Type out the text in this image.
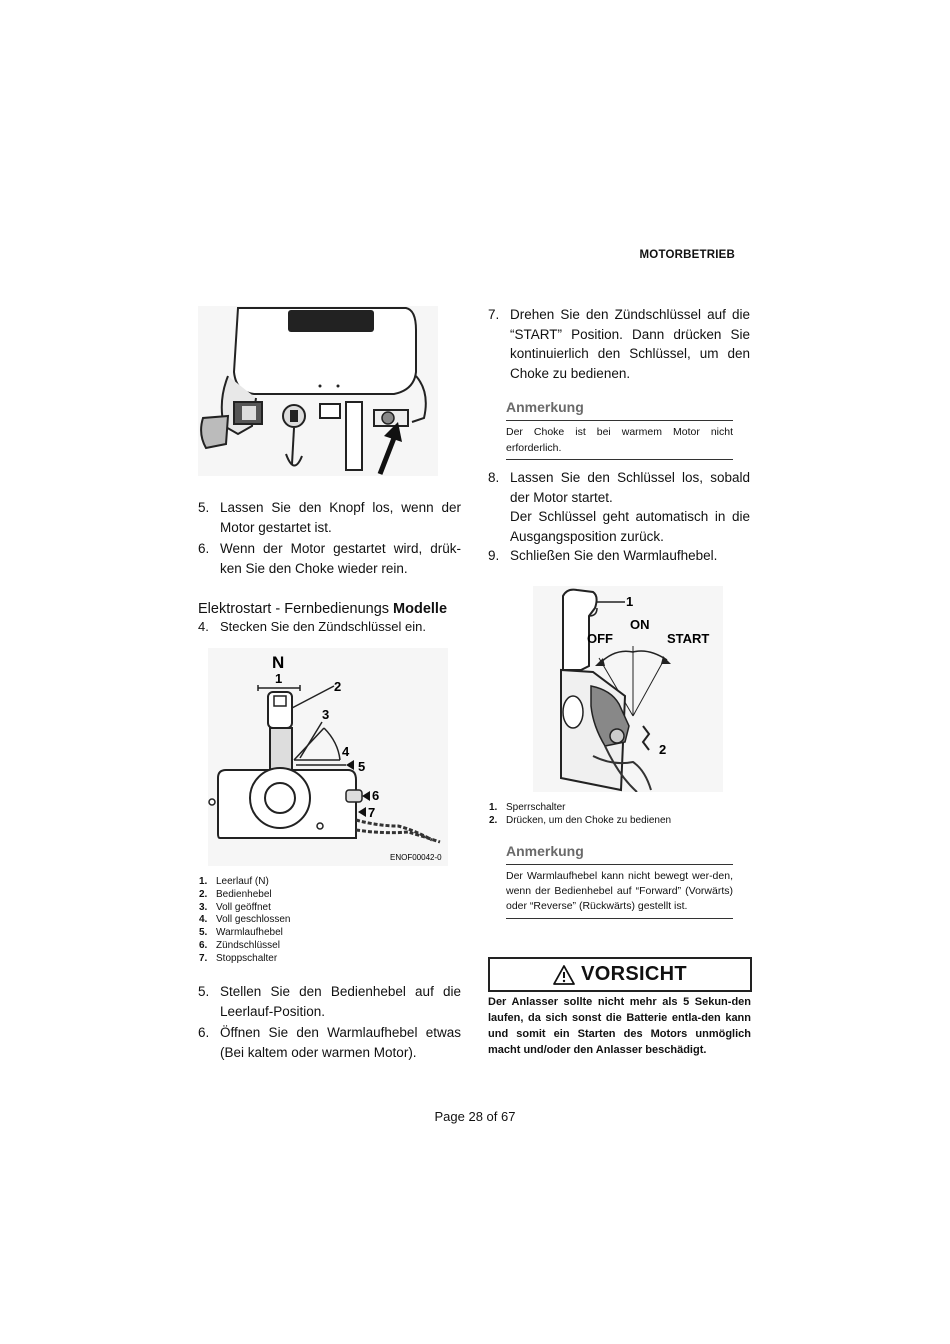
MOTORBETRIEB
5. Lassen Sie den Knopf los, wenn der Motor gestartet ist.
6. Wenn der Motor gestartet wird, drük-ken Sie den Choke wieder rein.
Elektrostart - Fernbedienungs Modelle
4. Stecken Sie den Zündschlüssel ein.
N
1
2
3
4
5
6
7
ENOF00042-0
1. Leerlauf (N)
2. Bedienhebel
3. Voll geöffnet
4. Voll geschlossen
5. Warmlaufhebel
6. Zündschlüssel
7. Stoppschalter
5. Stellen Sie den Bedienhebel auf die Leerlauf-Position.
6. Öffnen Sie den Warmlaufhebel etwas (Bei kaltem oder warmen Motor).
7. Drehen Sie den Zündschlüssel auf die “START” Position. Dann drücken Sie kontinuierlich den Schlüssel, um den Choke zu bedienen.
Anmerkung
Der Choke ist bei warmem Motor nicht erforderlich.
8. Lassen Sie den Schlüssel los, sobald der Motor startet.
Der Schlüssel geht automatisch in die Ausgangsposition zurück.
9. Schließen Sie den Warmlaufhebel.
1
ON
OFF	START
2
1. Sperrschalter
2. Drücken, um den Choke zu bedienen
Anmerkung
Der Warmlaufhebel kann nicht bewegt wer-den, wenn der Bedienhebel auf “Forward” (Vorwärts) oder “Reverse” (Rückwärts) gestellt ist.
VORSICHT
Der Anlasser sollte nicht mehr als 5 Sekun-den laufen, da sich sonst die Batterie entla-den kann und somit ein Starten des Motors unmöglich macht und/oder den Anlasser beschädigt.
Page 28 of 67
